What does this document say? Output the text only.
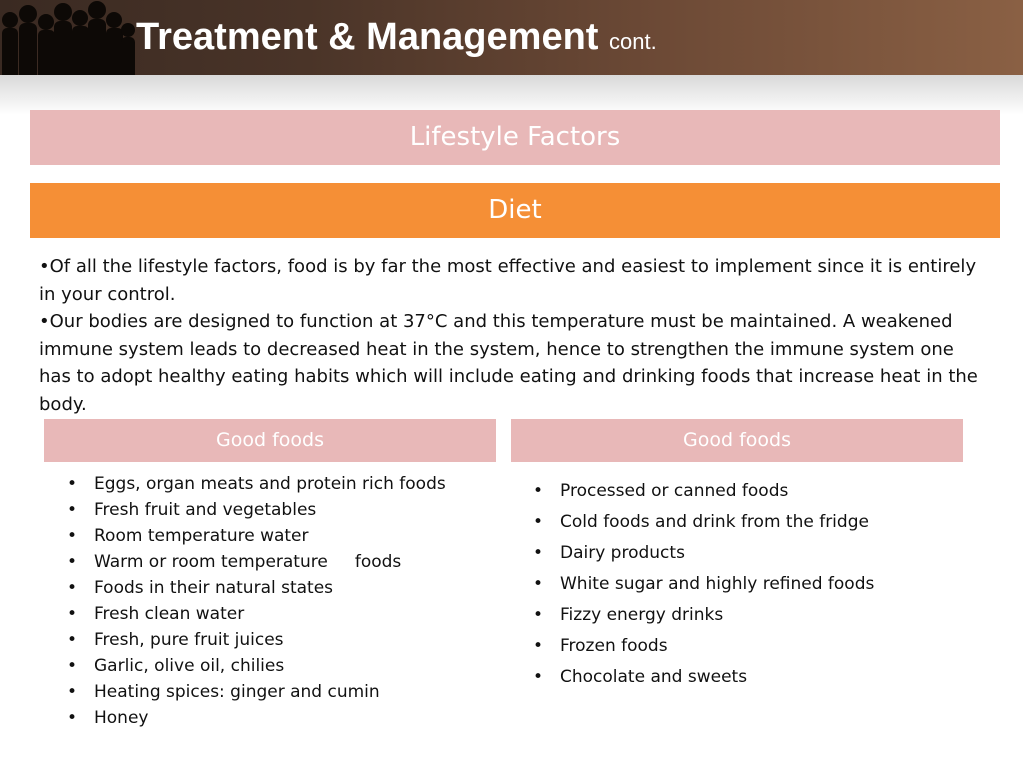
Treatment & Management cont.
Lifestyle Factors
Diet

•Of all the lifestyle factors, food is by far the most effective and easiest to implement since it is entirely in your control.

•Our bodies are designed to function at 37°C and this temperature must be maintained. A weakened immune system leads to decreased heat in the system, hence to strengthen the immune system one has to adopt healthy eating habits which will include eating and drinking foods that increase heat in the body.

Good foods	Good foods
• Eggs, organ meats and protein rich foods
• Fresh fruit and vegetables
• Room temperature water
• Warm or room temperature     foods
• Foods in their natural states
• Fresh clean water
• Fresh, pure fruit juices
• Garlic, olive oil, chilies
• Heating spices: ginger and cumin
• Honey
• Processed or canned foods
• Cold foods and drink from the fridge
• Dairy products
• White sugar and highly refined foods
• Fizzy energy drinks
• Frozen foods
• Chocolate and sweets
